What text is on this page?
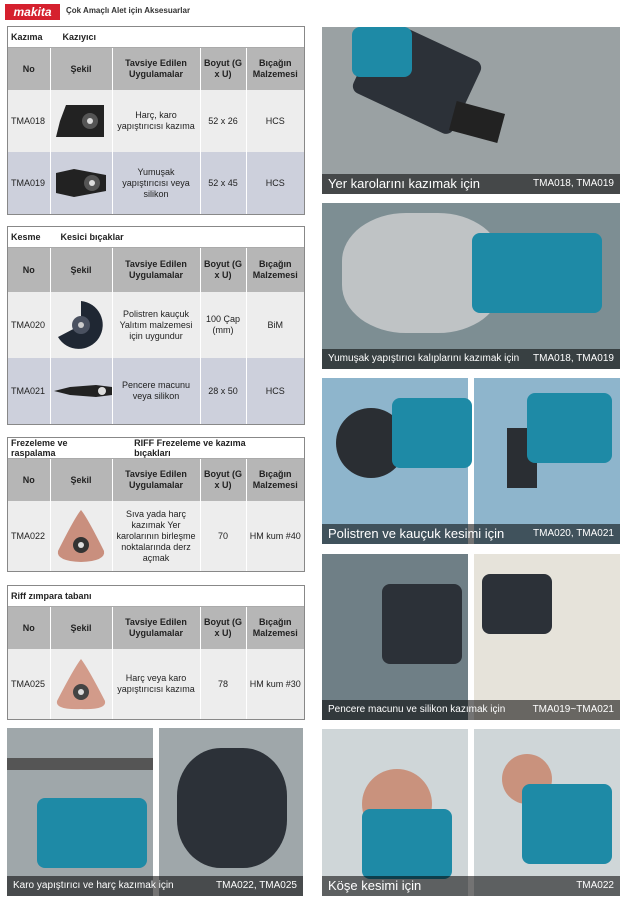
makita	Çok Amaçlı Alet için Aksesuarlar
Kazıma Kazıyıcı
No	Şekil	Tavsiye Edilen Uygulamalar	Boyut (G x U)	Bıçağın Malzemesi
TMA018		Harç, karo yapıştırıcısı kazıma	52 x 26	HCS
TMA019		Yumuşak yapıştırıcısı veya silikon	52 x 45	HCS
Kesme Kesici bıçaklar
No	Şekil	Tavsiye Edilen Uygulamalar	Boyut (G x U)	Bıçağın Malzemesi
TMA020		Polistren kauçuk Yalıtım malzemesi için uygundur	100 Çap (mm)	BiM
TMA021		Pencere macunu veya silikon	28 x 50	HCS
Frezeleme ve raspalama
RIFF Frezeleme ve kazıma bıçakları
No	Şekil	Tavsiye Edilen Uygulamalar	Boyut (G x U)	Bıçağın Malzemesi
TMA022		Sıva yada harç kazımak Yer karolarının birleşme noktalarında derz açmak	70	HM kum #40
Riff zımpara tabanı
No	Şekil	Tavsiye Edilen Uygulamalar	Boyut (G x U)	Bıçağın Malzemesi
TMA025		Harç veya karo yapıştırıcısı kazıma	78	HM kum #30
Yer karolarını kazımak için	TMA018, TMA019
Yumuşak yapıştırıcı kalıplarını kazımak için TMA018, TMA019
Polistren ve kauçuk kesimi için	TMA020, TMA021
Pencere macunu ve silikon kazımak için	TMA019~TMA021
Karo yapıştırıcı ve harç kazımak için	TMA022, TMA025 Köşe kesimi için	TMA022
